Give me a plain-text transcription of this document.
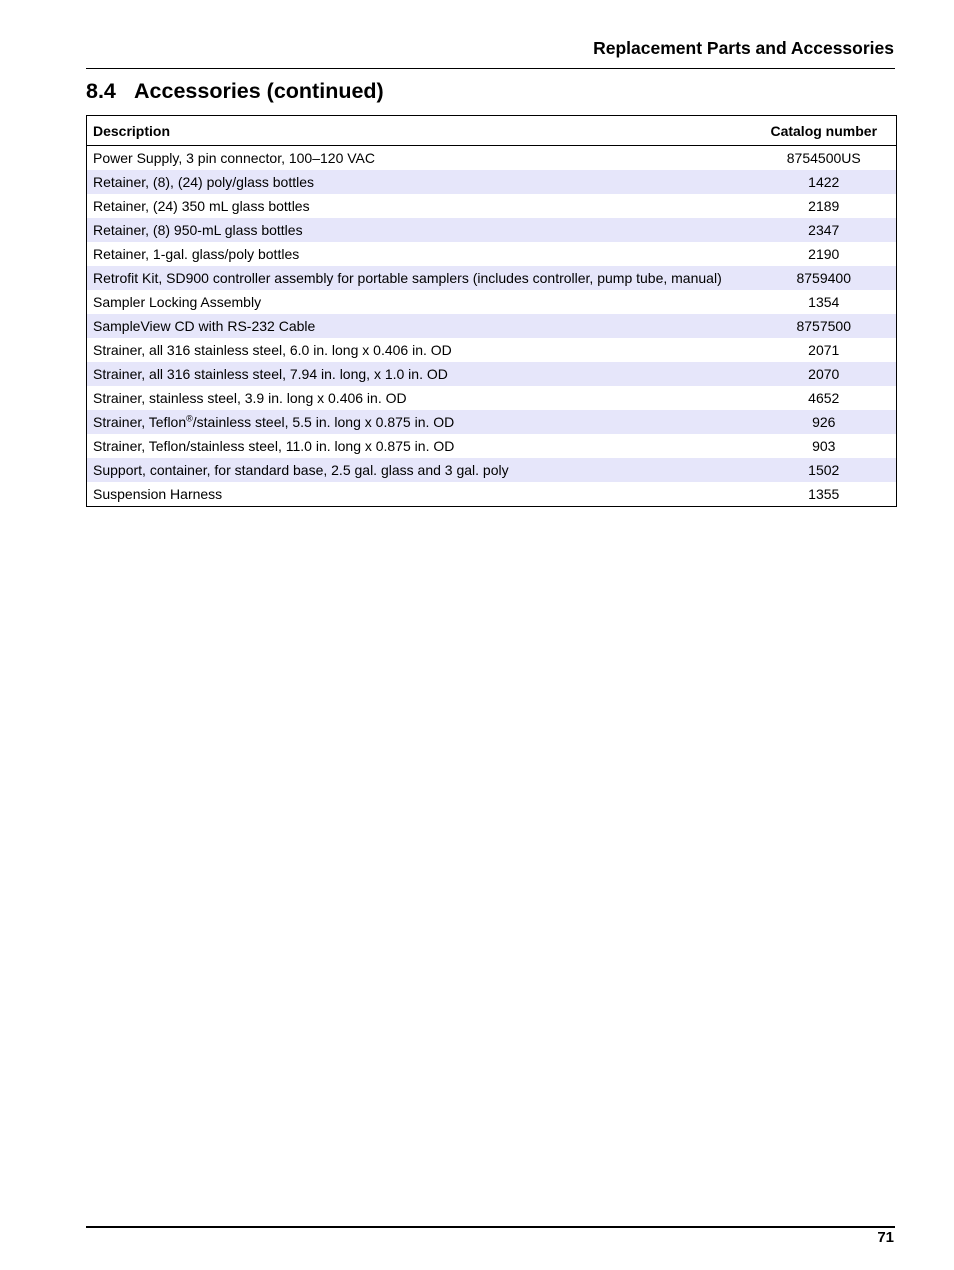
Replacement Parts and Accessories
8.4 Accessories (continued)
Description	Catalog number
Power Supply, 3 pin connector, 100–120 VAC	8754500US
Retainer, (8), (24) poly/glass bottles	1422
Retainer, (24) 350 mL glass bottles	2189
Retainer, (8) 950-mL glass bottles	2347
Retainer, 1-gal. glass/poly bottles	2190
Retrofit Kit, SD900 controller assembly for portable samplers (includes controller, pump tube, manual)	8759400
Sampler Locking Assembly	1354
SampleView CD with RS-232 Cable	8757500
Strainer, all 316 stainless steel, 6.0 in. long x 0.406 in. OD	2071
Strainer, all 316 stainless steel, 7.94 in. long, x 1.0 in. OD	2070
Strainer, stainless steel, 3.9 in. long x 0.406 in. OD	4652
Strainer, Teflon®/stainless steel, 5.5 in. long x 0.875 in. OD	926
Strainer, Teflon/stainless steel, 11.0 in. long x 0.875 in. OD	903
Support, container, for standard base, 2.5 gal. glass and 3 gal. poly	1502
Suspension Harness	1355
71
